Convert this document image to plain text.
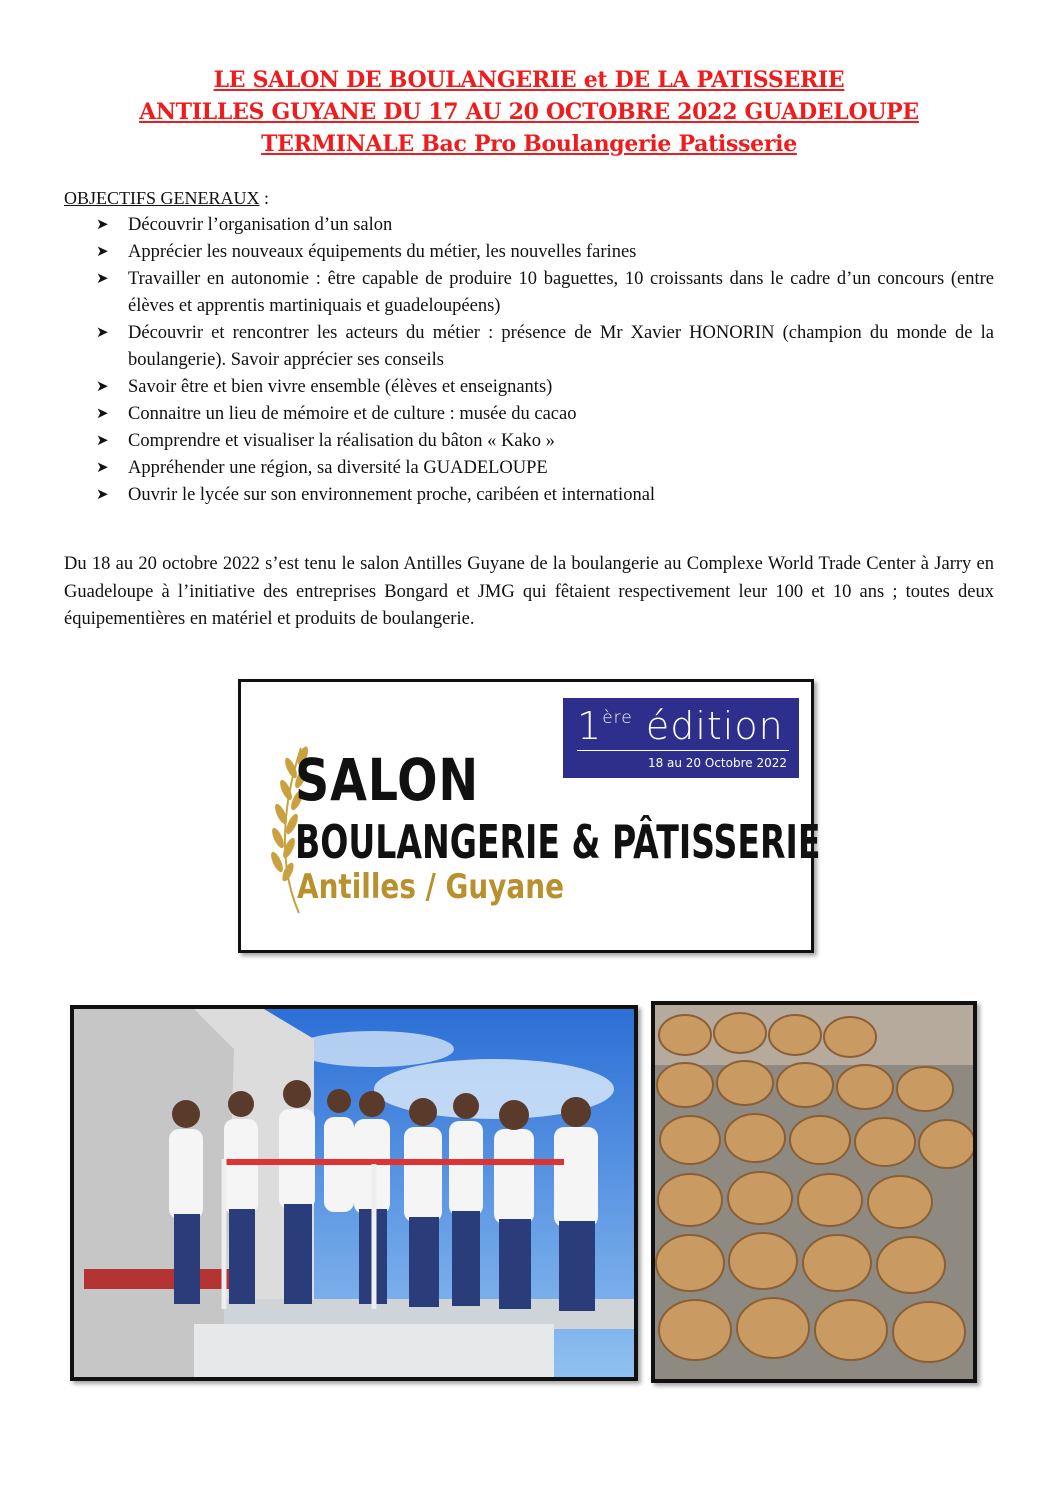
LE SALON DE BOULANGERIE et DE LA PATISSERIE
ANTILLES GUYANE DU 17 AU 20 OCTOBRE 2022 GUADELOUPE
TERMINALE Bac Pro Boulangerie Patisserie
OBJECTIFS GENERAUX :
➤ Découvrir l’organisation d’un salon
➤ Apprécier les nouveaux équipements du métier, les nouvelles farines
➤ Travailler en autonomie : être capable de produire 10 baguettes, 10 croissants dans le cadre d’un concours (entre élèves et apprentis martiniquais et guadeloupéens)
➤ Découvrir et rencontrer les acteurs du métier : présence de Mr Xavier HONORIN (champion du monde de la boulangerie). Savoir apprécier ses conseils
➤ Savoir être et bien vivre ensemble (élèves et enseignants)
➤ Connaitre un lieu de mémoire et de culture : musée du cacao
➤ Comprendre et visualiser la réalisation du bâton « Kako »
➤ Appréhender une région, sa diversité la GUADELOUPE
➤ Ouvrir le lycée sur son environnement proche, caribéen et international
Du 18 au 20 octobre 2022 s’est tenu le salon Antilles Guyane de la boulangerie au Complexe World Trade Center à Jarry en Guadeloupe à l’initiative des entreprises Bongard et JMG qui fêtaient respectivement leur 100 et 10 ans ; toutes deux équipementières en matériel et produits de boulangerie.
1ère édition
18 au 20 Octobre 2022
SALON
BOULANGERIE & PÂTISSERIE
Antilles / Guyane
